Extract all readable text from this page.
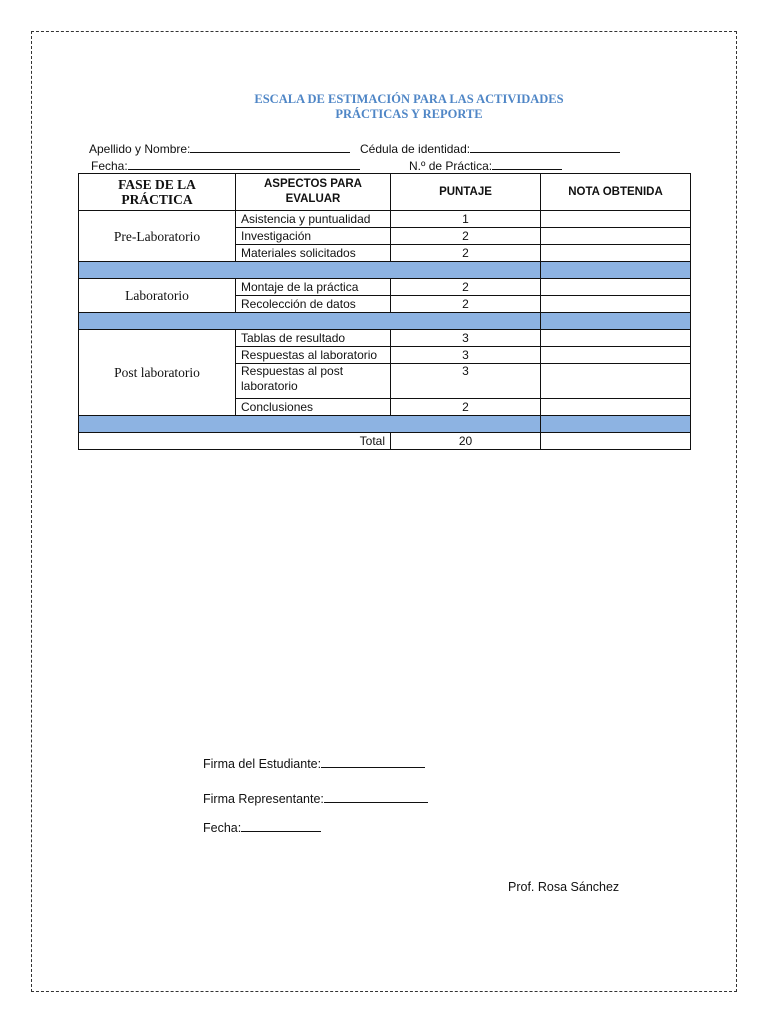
ESCALA DE ESTIMACIÓN PARA LAS ACTIVIDADES
PRÁCTICAS Y REPORTE
Apellido y Nombre:	Cédula de identidad:
Fecha:	N.º de Práctica:
FASE DE LA PRÁCTICA	ASPECTOS PARA EVALUAR	PUNTAJE	NOTA OBTENIDA
Pre-Laboratorio	Asistencia y puntualidad	1	
	Investigación	2	
	Materiales solicitados	2	

Laboratorio	Montaje de la práctica	2	
	Recolección de datos	2	

Post laboratorio	Tablas de resultado	3	
	Respuestas al laboratorio	3	
	Respuestas al post laboratorio	3	
	Conclusiones	2	

Total		20	
Firma del Estudiante:
Firma Representante:
Fecha:
Prof. Rosa Sánchez
